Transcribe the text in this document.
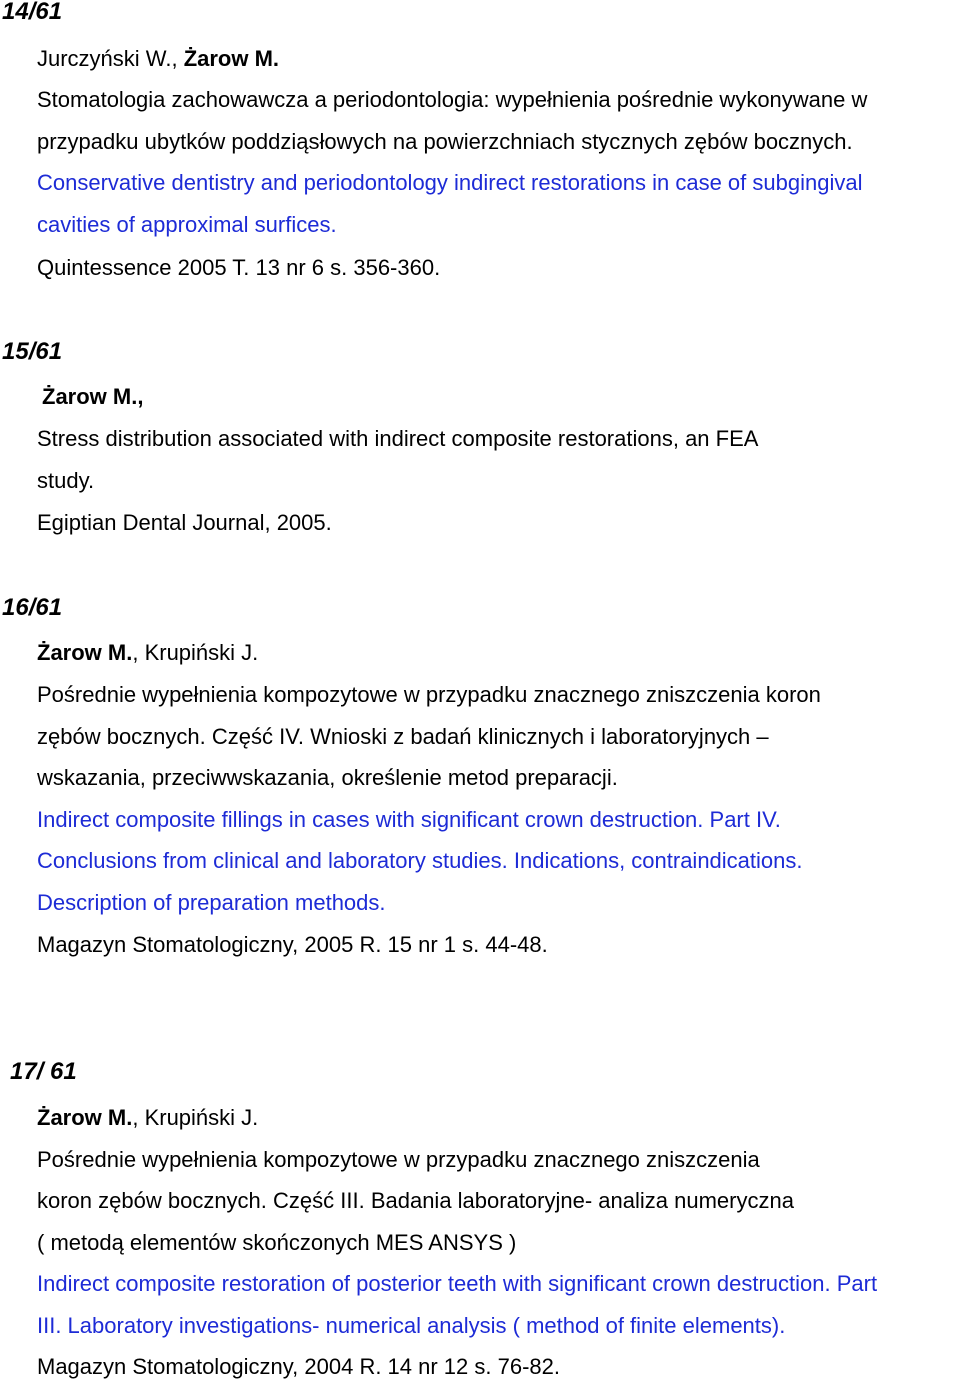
14/61
Jurczyński W., Żarow M.
Stomatologia zachowawcza a periodontologia: wypełnienia pośrednie wykonywane w
przypadku ubytków poddziąsłowych na powierzchniach stycznych zębów bocznych.
Conservative dentistry and periodontology indirect restorations in case of subgingival
cavities of approximal surfices.
Quintessence 2005 T. 13 nr 6 s. 356-360.
15/61
Żarow M.,
Stress distribution associated with indirect composite restorations, an FEA
study.
Egiptian Dental Journal, 2005.
16/61
Żarow M., Krupiński J.
Pośrednie wypełnienia kompozytowe w przypadku znacznego zniszczenia koron
zębów bocznych. Część IV. Wnioski z badań klinicznych i laboratoryjnych –
wskazania, przeciwwskazania, określenie metod preparacji.
Indirect composite fillings in cases with significant crown destruction. Part IV.
Conclusions from clinical and laboratory studies. Indications, contraindications.
Description of preparation methods.
Magazyn Stomatologiczny, 2005 R. 15 nr 1 s. 44-48.
17/ 61
Żarow M., Krupiński J.
Pośrednie wypełnienia kompozytowe w przypadku znacznego zniszczenia
koron zębów bocznych. Część III. Badania laboratoryjne- analiza numeryczna
( metodą elementów skończonych MES ANSYS )
Indirect composite restoration of posterior teeth with significant crown destruction. Part
III. Laboratory investigations- numerical analysis ( method of finite elements).
Magazyn Stomatologiczny, 2004 R. 14 nr 12 s. 76-82.
